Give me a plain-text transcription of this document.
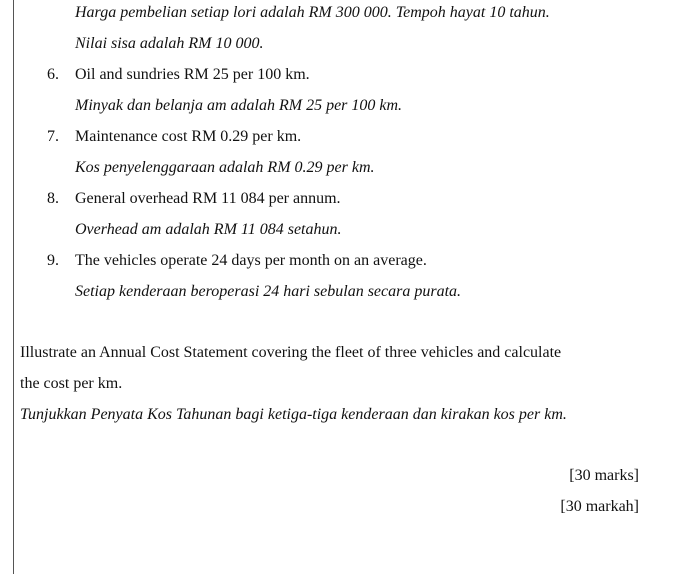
Harga pembelian setiap lori adalah RM 300 000. Tempoh hayat 10 tahun.
Nilai sisa adalah RM 10 000.
6. Oil and sundries RM 25 per 100 km.
Minyak dan belanja am adalah RM 25 per 100 km.
7. Maintenance cost RM 0.29 per km.
Kos penyelenggaraan adalah RM 0.29 per km.
8. General overhead RM 11 084 per annum.
Overhead am adalah RM 11 084 setahun.
9. The vehicles operate 24 days per month on an average.
Setiap kenderaan beroperasi 24 hari sebulan secara purata.
Illustrate an Annual Cost Statement covering the fleet of three vehicles and calculate
the cost per km.
Tunjukkan Penyata Kos Tahunan bagi ketiga-tiga kenderaan dan kirakan kos per km.
[30 marks]
[30 markah]
